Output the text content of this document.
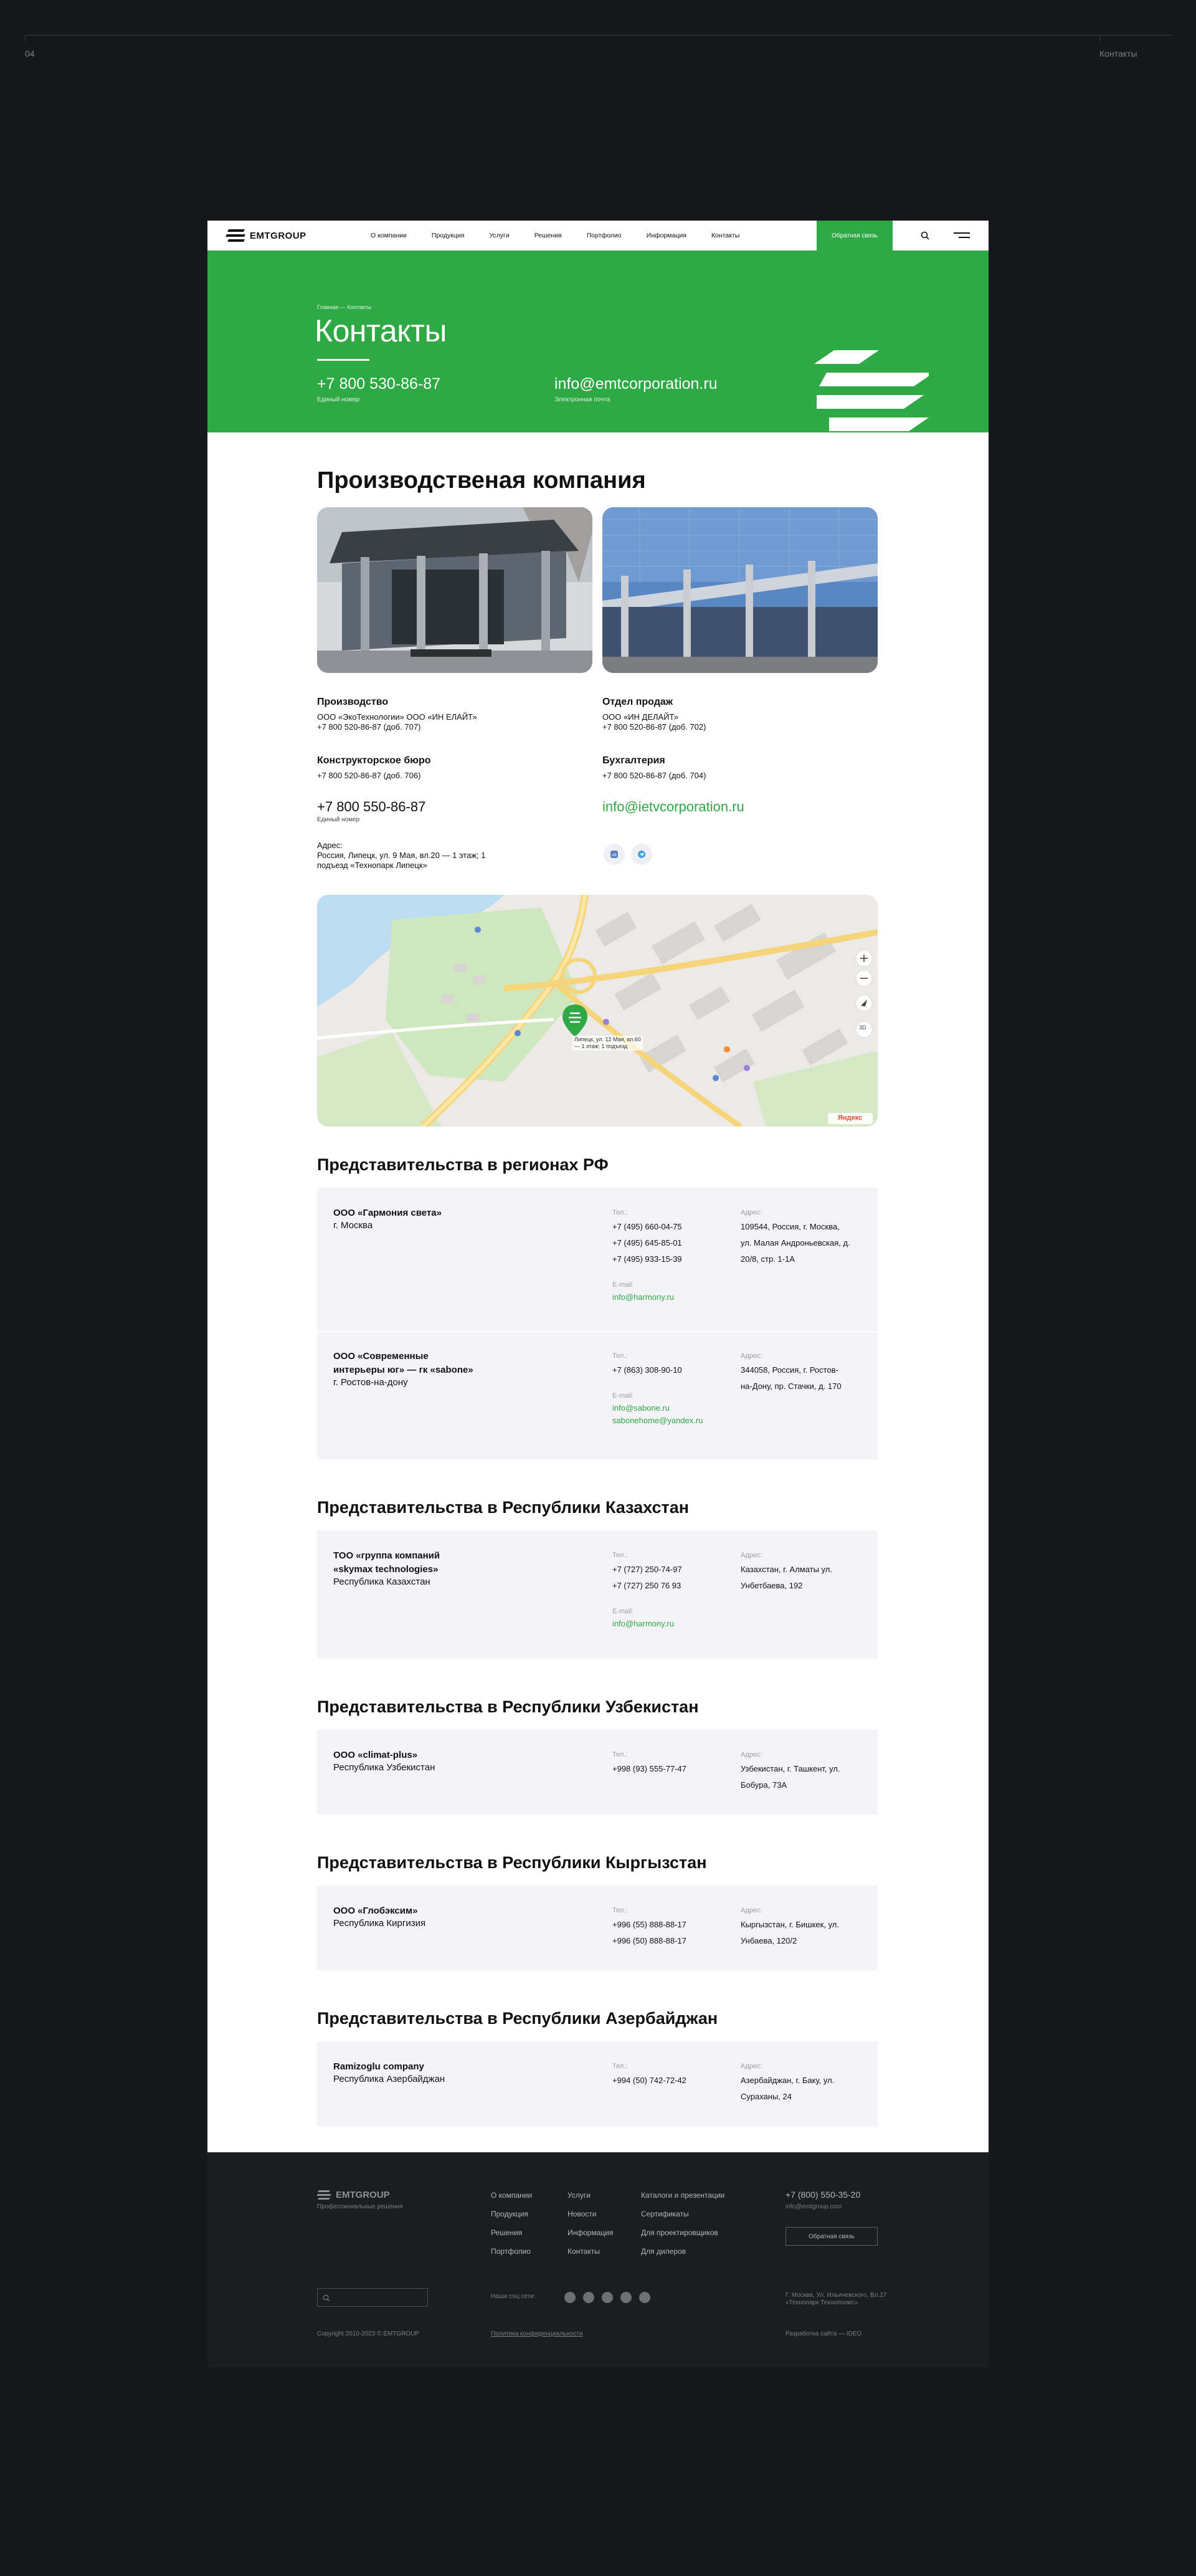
04	Контакты
EMTGROUP	О компании	Продукция	Услуги	Решения	Портфолио	Информация	Контакты	Обратная связь
Главная — Контакты
Контакты
+7 800 530-86-87
Единый номер
info@emtcorporation.ru
Электронная почта
Производственая компания
Производство
ООО «ЭкоТехнологии» ООО «ИН ЕЛАЙТ»
+7 800 520-86-87 (доб. 707)
Отдел продаж
ООО «ИН ДЕЛАЙТ»
+7 800 520-86-87 (доб. 702)
Конструкторское бюро
+7 800 520-86-87 (доб. 706)
Бухгалтерия
+7 800 520-86-87 (доб. 704)
+7 800 550-86-87
Единый номер
info@ietvcorporation.ru
Адрес:
Россия, Липецк, ул. 9 Мая, вл.20 — 1 этаж; 1
подъезд «Технопарк Липецк»
vk
Липецк, ул. 12 Мая, вл.60
— 1 этаж; 1 подъезд
3D
Яндекс
Представительства в регионах РФ
ООО «Гармония света»
г. Москва
Тел.:
+7 (495) 660-04-75
+7 (495) 645-85-01
+7 (495) 933-15-39
E-mail:
info@harmony.ru
Адрес:
109544, Россия, г. Москва,
ул. Малая Андроньевская, д.
20/8, стр. 1-1А
ООО «Современные
интерьеры юг» — гк «sabone»
г. Ростов-на-дону
Тел.:
+7 (863) 308-90-10
E-mail:
info@sabone.ru
sabonehome@yandex.ru
Адрес:
344058, Россия, г. Ростов-
на-Дону, пр. Стачки, д. 170
Представительства в Республики Казахстан
ТОО «группа компаний
«skymax technologies»
Республика Казахстан
Тел.:
+7 (727) 250-74-97
+7 (727) 250 76 93
E-mail:
info@harmony.ru
Адрес:
Казахстан, г. Алматы ул.
Унбетбаева, 192
Представительства в Республики Узбекистан
ООО «climat-plus»
Республика Узбекистан
Тел.:
+998 (93) 555-77-47
Адрес:
Узбекистан, г. Ташкент, ул.
Бобура, 73А
Представительства в Республики Кыргызстан
ООО «Глобэксим»
Республика Киргизия
Тел.:
+996 (55) 888-88-17
+996 (50) 888-88-17
Адрес:
Кыргызстан, г. Бишкек, ул.
Унбаева, 120/2
Представительства в Республики Азербайджан
Ramizoglu company
Республика Азербайджан
Тел.:
+994 (50) 742-72-42
Адрес:
Азербайджан, г. Баку, ул.
Сураханы, 24
EMTGROUP
Профессиональные решения
О компании
Продукция
Решения
Портфолио
Услуги
Новости
Информация
Контакты
Каталоги и презентации
Сертификаты
Для проектировщиков
Для дилеров
+7 (800) 550-35-20
info@emtgroup.com
Обратная связь
Наши соц сети:	Г. Москва, Ул. Ильичевского, Вл.27
«Технопарк Технополис»
Copyright 2010-2023 © EMTGROUP	Политика конфиденциальности	Разработка сайта — IDEO
